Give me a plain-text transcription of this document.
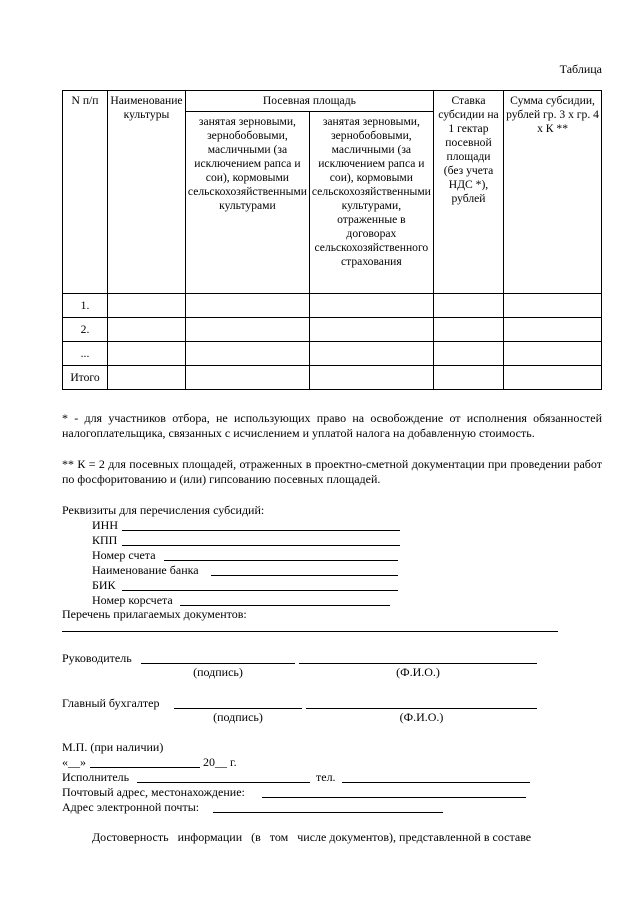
Таблица
N п/п	Наименование культуры	Посевная площадь		Ставка субсидии на 1 гектар посевной площади (без учета НДС *), рублей	Сумма субсидии, рублей гр. 3 x гр. 4 x К **
		занятая зерновыми, зернобобовыми, масличными (за исключением рапса и сои), кормовыми сельскохозяйственными культурами	занятая зерновыми, зернобобовыми, масличными (за исключением рапса и сои), кормовыми сельскохозяйственными культурами, отраженные в договорах сельскохозяйственного страхования		
1.					
2.					
...					
Итого					
* - для участников отбора, не использующих право на освобождение от исполнения обязанностей налогоплательщика, связанных с исчислением и уплатой налога на добавленную стоимость.
** К = 2 для посевных площадей, отраженных в проектно-сметной документации при проведении работ по фосфоритованию и (или) гипсованию посевных площадей.
Реквизиты для перечисления субсидий:
ИНН
КПП
Номер счета
Наименование банка
БИК
Номер корсчета
Перечень прилагаемых документов:
Руководитель
(подпись)	(Ф.И.О.)
Главный бухгалтер
(подпись)	(Ф.И.О.)
М.П. (при наличии)
«__»	20__ г.
Исполнитель	тел.
Почтовый адрес, местонахождение:
Адрес электронной почты:
Достоверность   информации   (в   том   числе документов), представленной в составе
